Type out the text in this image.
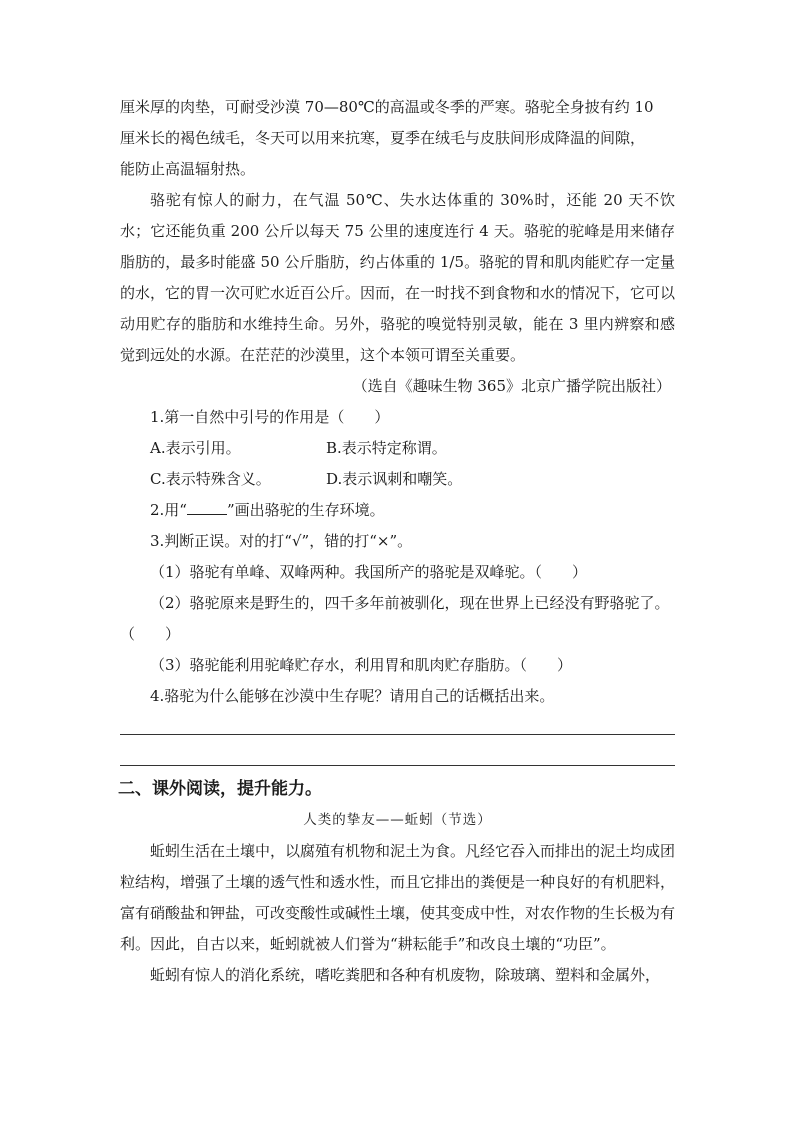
厘米厚的肉垫，可耐受沙漠 70—80℃的高温或冬季的严寒。骆驼全身披有约 10

厘米长的褐色绒毛，冬天可以用来抗寒，夏季在绒毛与皮肤间形成降温的间隙，

能防止高温辐射热。

骆驼有惊人的耐力，在气温 50℃、失水达体重的 30%时，还能 20 天不饮水；它还能负重 200 公斤以每天 75 公里的速度连行 4 天。骆驼的驼峰是用来储存脂肪的，最多时能盛 50 公斤脂肪，约占体重的 1/5。骆驼的胃和肌肉能贮存一定量的水，它的胃一次可贮水近百公斤。因而，在一时找不到食物和水的情况下，它可以动用贮存的脂肪和水维持生命。另外，骆驼的嗅觉特别灵敏，能在 3 里内辨察和感觉到远处的水源。在茫茫的沙漠里，这个本领可谓至关重要。

（选自《趣味生物 365》北京广播学院出版社）

1.第一自然中引号的作用是（　　）

A.表示引用。	B.表示特定称谓。
C.表示特殊含义。	D.表示讽刺和嘲笑。

2.用“	”画出骆驼的生存环境。

3.判断正误。对的打“√”，错的打“×”。

（1）骆驼有单峰、双峰两种。我国所产的骆驼是双峰驼。（　　）

（2）骆驼原来是野生的，四千多年前被驯化，现在世界上已经没有野骆驼了。（　　）

（3）骆驼能利用驼峰贮存水，利用胃和肌肉贮存脂肪。（　　）

4.骆驼为什么能够在沙漠中生存呢？请用自己的话概括出来。

二、课外阅读，提升能力。

人类的挚友——蚯蚓（节选）

蚯蚓生活在土壤中，以腐殖有机物和泥土为食。凡经它吞入而排出的泥土均成团粒结构，增强了土壤的透气性和透水性，而且它排出的粪便是一种良好的有机肥料，富有硝酸盐和钾盐，可改变酸性或碱性土壤，使其变成中性，对农作物的生长极为有利。因此，自古以来，蚯蚓就被人们誉为“耕耘能手”和改良土壤的“功臣”。

蚯蚓有惊人的消化系统，嗜吃粪肥和各种有机废物，除玻璃、塑料和金属外，
